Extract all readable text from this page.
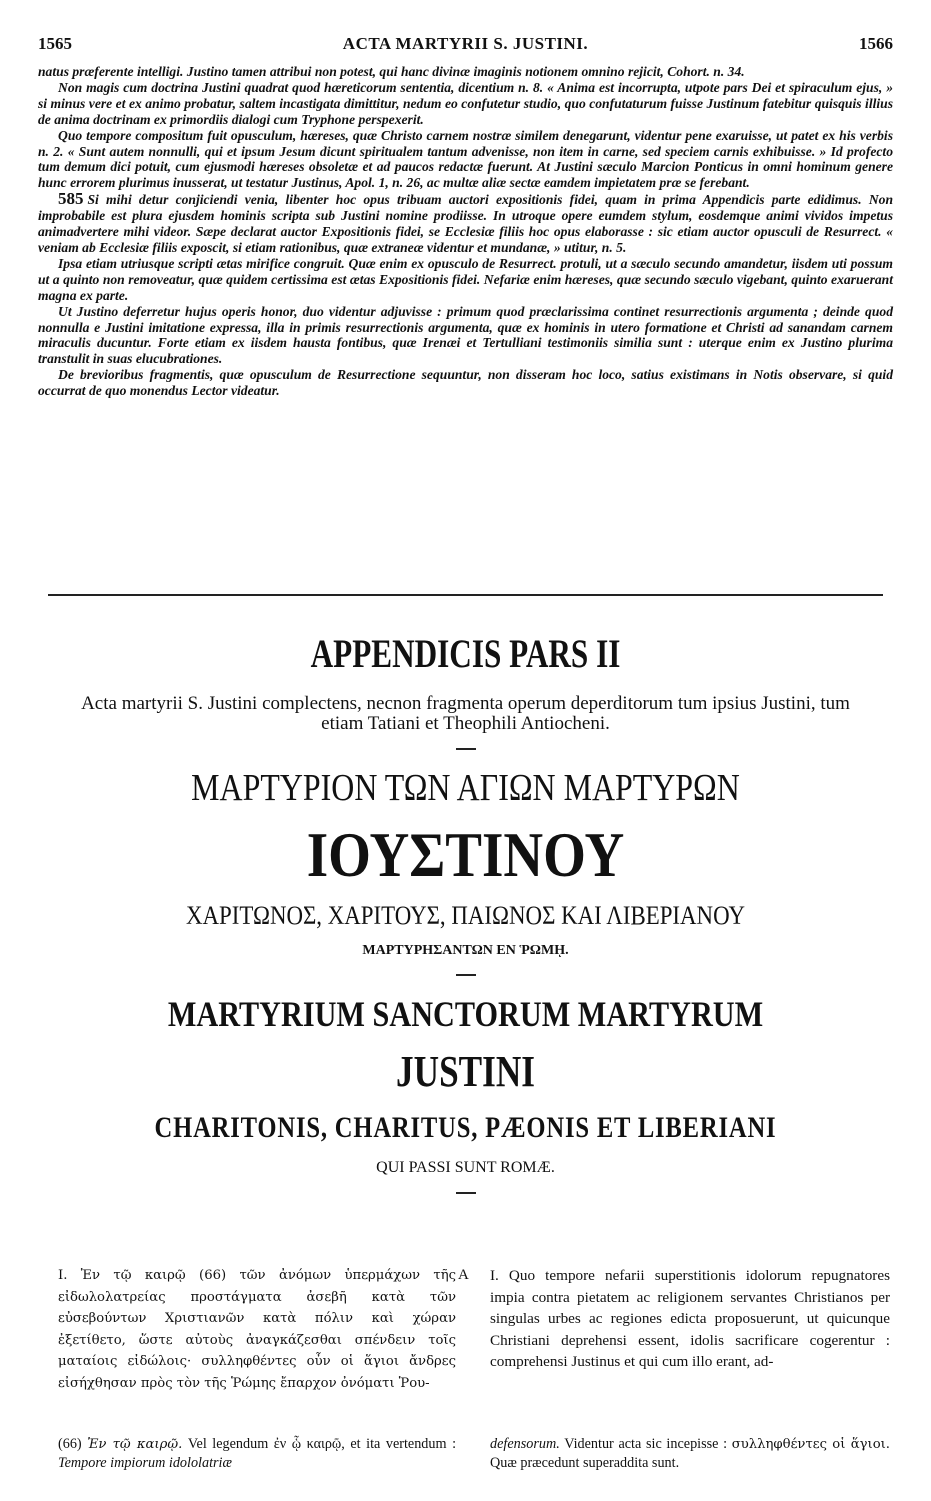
1565	ACTA MARTYRII S. JUSTINI.	1566

natus præferente intelligi. Justino tamen attribui non potest, qui hanc divinæ imaginis notionem omnino rejicit, Cohort. n. 34.

Non magis cum doctrina Justini quadrat quod hæreticorum sententia, dicentium n. 8. « Anima est incorrupta, utpote pars Dei et spiraculum ejus, » si minus vere et ex animo probatur, saltem incastigata dimittitur, nedum eo confutetur studio, quo confutaturum fuisse Justinum fatebitur quisquis illius de anima doctrinam ex primordiis dialogi cum Tryphone perspexerit.

Quo tempore compositum fuit opusculum, hæreses, quæ Christo carnem nostræ similem denegarunt, videntur pene exaruisse, ut patet ex his verbis n. 2. « Sunt autem nonnulli, qui et ipsum Jesum dicunt spiritualem tantum advenisse, non item in carne, sed speciem carnis exhibuisse. » Id profecto tum demum dici potuit, cum ejusmodi hæreses obsoletæ et ad paucos redactæ fuerunt. At Justini sæculo Marcion Ponticus in omni hominum genere hunc errorem plurimus inusserat, ut testatur Justinus, Apol. 1, n. 26, ac multæ aliæ sectæ eamdem impietatem præ se ferebant.

585 Si mihi detur conjiciendi venia, libenter hoc opus tribuam auctori expositionis fidei, quam in prima Appendicis parte edidimus. Non improbabile est plura ejusdem hominis scripta sub Justini nomine prodiisse. In utroque opere eumdem stylum, eosdemque animi vividos impetus animadvertere mihi videor. Sæpe declarat auctor Expositionis fidei, se Ecclesiæ filiis hoc opus elaborasse : sic etiam auctor opusculi de Resurrect. « veniam ab Ecclesiæ filiis exposcit, si etiam rationibus, quæ extraneæ videntur et mundanæ, » utitur, n. 5.

Ipsa etiam utriusque scripti ætas mirifice congruit. Quæ enim ex opusculo de Resurrect. protuli, ut a sæculo secundo amandetur, iisdem uti possum ut a quinto non removeatur, quæ quidem certissima est ætas Expositionis fidei. Nefariæ enim hæreses, quæ secundo sæculo vigebant, quinto exaruerant magna ex parte.

Ut Justino deferretur hujus operis honor, duo videntur adjuvisse : primum quod præclarissima continet resurrectionis argumenta ; deinde quod nonnulla e Justini imitatione expressa, illa in primis resurrectionis argumenta, quæ ex hominis in utero formatione et Christi ad sanandam carnem miraculis ducuntur. Forte etiam ex iisdem hausta fontibus, quæ Irenæi et Tertulliani testimoniis similia sunt : uterque enim ex Justino plurima transtulit in suas elucubrationes.

De brevioribus fragmentis, quæ opusculum de Resurrectione sequuntur, non disseram hoc loco, satius existimans in Notis observare, si quid occurrat de quo monendus Lector videatur.

APPENDICIS PARS II
Acta martyrii S. Justini complectens, necnon fragmenta operum deperditorum tum ipsius Justini, tum etiam Tatiani et Theophili Antiocheni.
ΜΑΡΤΥΡΙΟΝ ΤΩΝ ΑΓΙΩΝ ΜΑΡΤΥΡΩΝ
ΙΟΥΣΤΙΝΟΥ
ΧΑΡΙΤΩΝΟΣ, ΧΑΡΙΤΟΥΣ, ΠΑΙΩΝΟΣ ΚΑΙ ΛΙΒΕΡΙΑΝΟΥ
ΜΑΡΤΥΡΗΣΑΝΤΩΝ ΕΝ ῬΩΜῌ.
MARTYRIUM SANCTORUM MARTYRUM
JUSTINI
CHARITONIS, CHARITUS, PÆONIS ET LIBERIANI
QUI PASSI SUNT ROMÆ.

I. Ἐν τῷ καιρῷ (66) τῶν ἀνόμων ὑπερμάχων τῆς εἰδωλολατρείας προστάγματα ἀσεβῆ κατὰ τῶν εὐσεβούντων Χριστιανῶν κατὰ πόλιν καὶ χώραν ἐξετίθετο, ὥστε αὐτοὺς ἀναγκάζεσθαι σπένδειν τοῖς ματαίοις εἰδώλοις· συλληφθέντες οὖν οἱ ἅγιοι ἄνδρες εἰσήχθησαν πρὸς τὸν τῆς Ῥώμης ἔπαρχον ὀνόματι Ῥου-

(66) Ἐν τῷ καιρῷ. Vel legendum ἐν ᾧ καιρῷ, et ita vertendum : Tempore impiorum idololatriæ
A I. Quo tempore nefarii superstitionis idolorum repugnatores impia contra pietatem ac religionem servantes Christianos per singulas urbes ac regiones edicta proposuerunt, ut quicunque Christiani deprehensi essent, idolis sacrificare cogerentur : comprehensi Justinus et qui cum illo erant, ad-

defensorum. Videntur acta sic incepisse : συλληφθέντες οἱ ἅγιοι. Quæ præcedunt superaddita sunt.
